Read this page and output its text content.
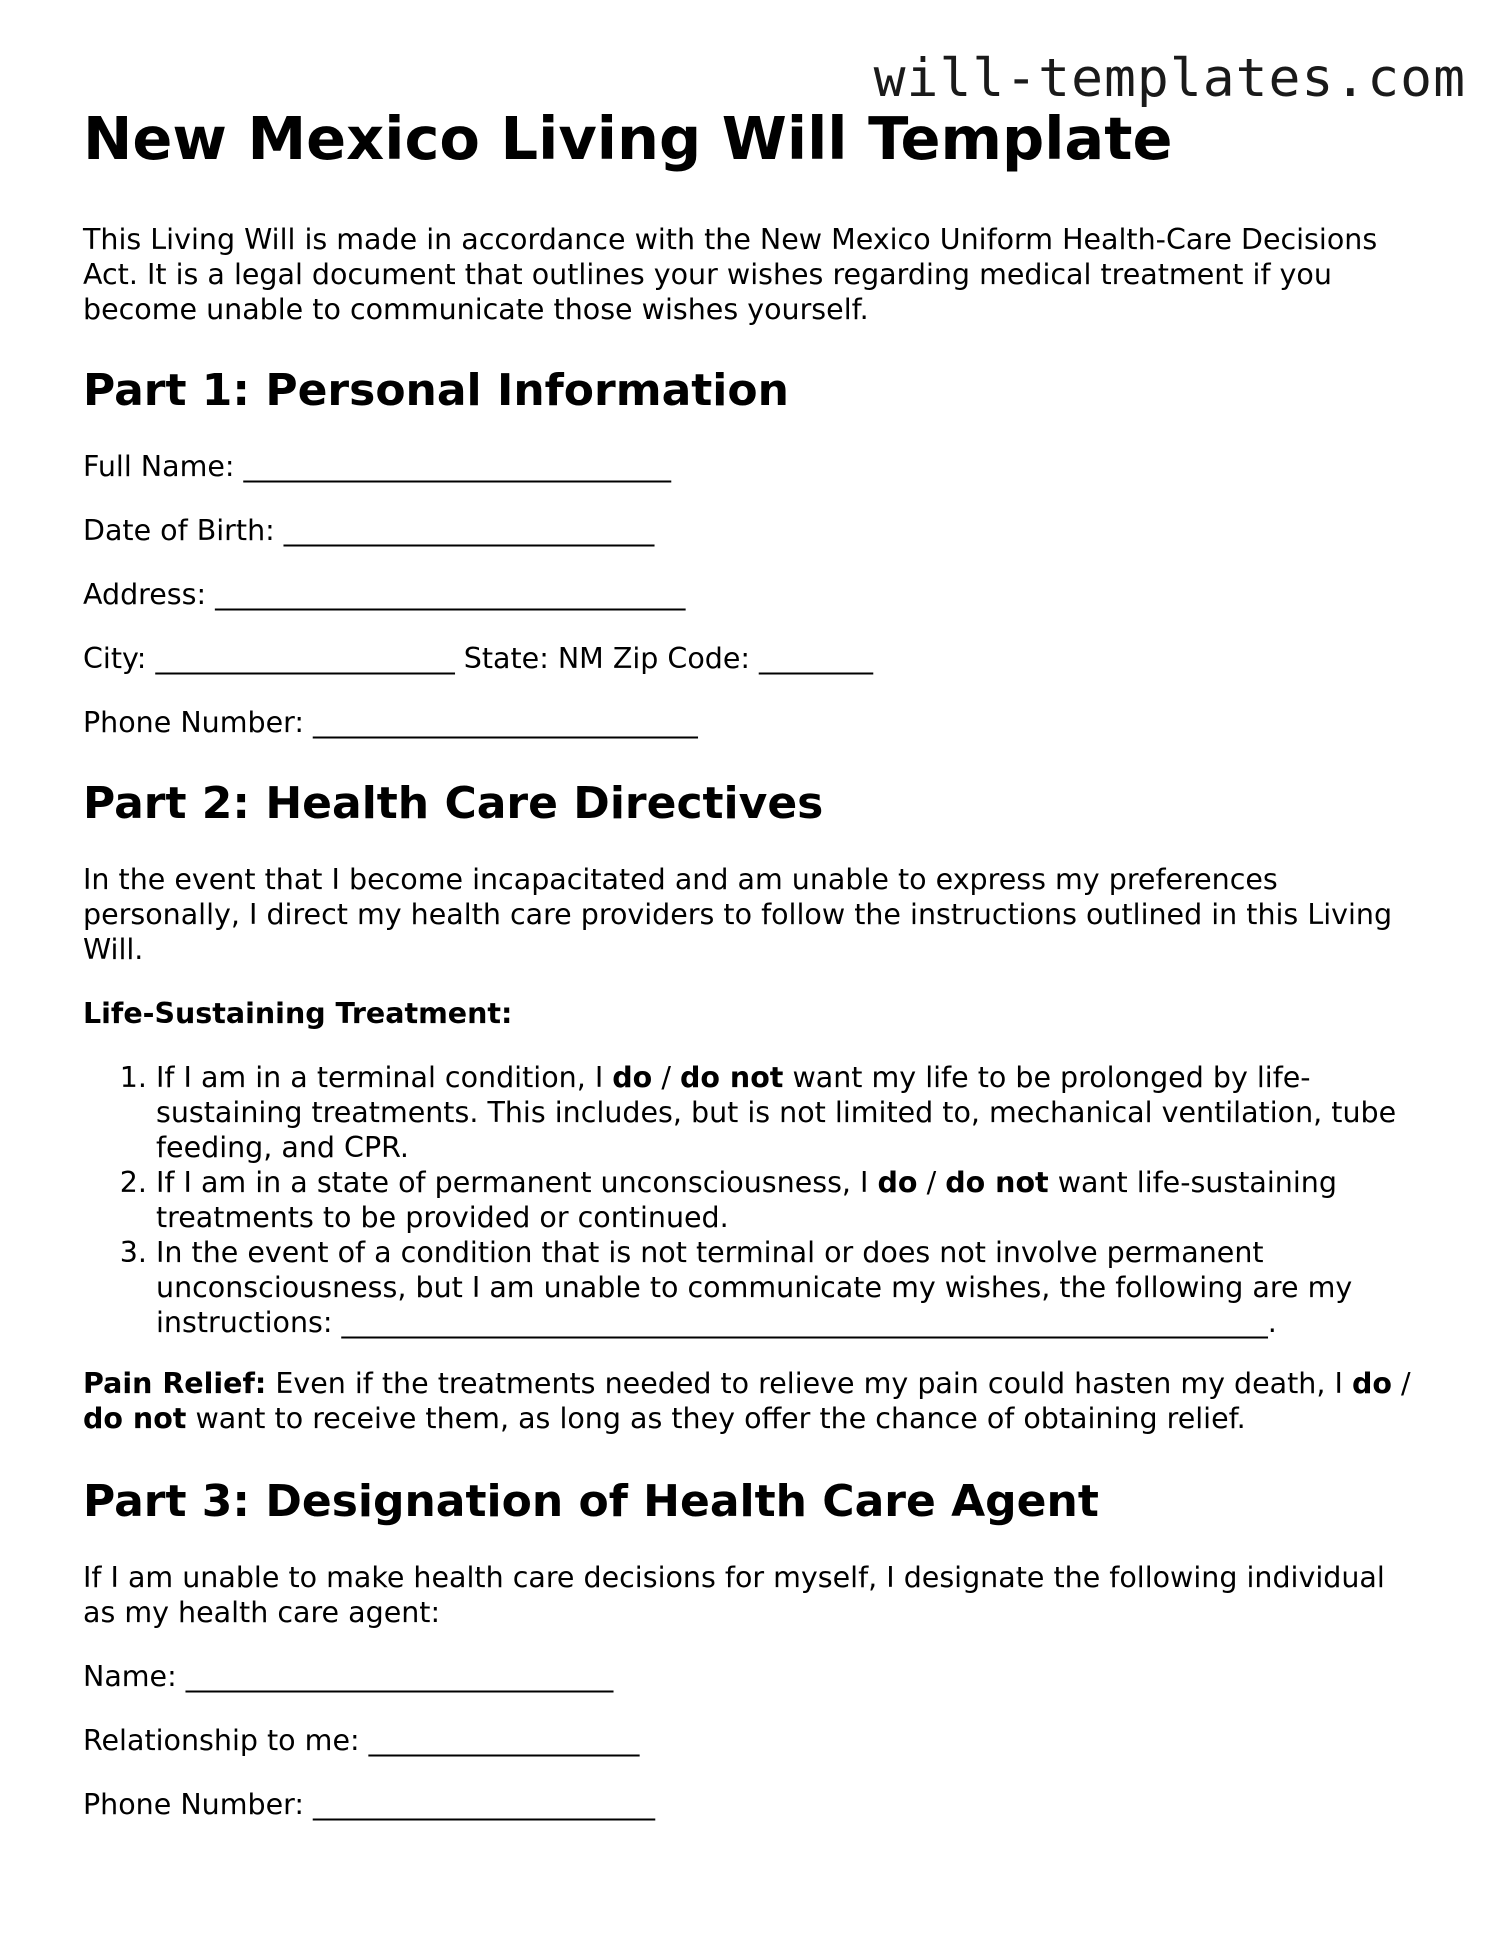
will-templates.com
New Mexico Living Will Template

This Living Will is made in accordance with the New Mexico Uniform Health-Care Decisions Act. It is a legal document that outlines your wishes regarding medical treatment if you become unable to communicate those wishes yourself.

Part 1: Personal Information

Full Name: ______________________________

Date of Birth: __________________________

Address: _________________________________

City: _____________________ State: NM Zip Code: ________

Phone Number: ___________________________

Part 2: Health Care Directives

In the event that I become incapacitated and am unable to express my preferences personally, I direct my health care providers to follow the instructions outlined in this Living Will.

Life-Sustaining Treatment:

1. If I am in a terminal condition, I do / do not want my life to be prolonged by life-sustaining treatments. This includes, but is not limited to, mechanical ventilation, tube feeding, and CPR.
2. If I am in a state of permanent unconsciousness, I do / do not want life-sustaining treatments to be provided or continued.
3. In the event of a condition that is not terminal or does not involve permanent unconsciousness, but I am unable to communicate my wishes, the following are my instructions: _________________________________________________________________.

Pain Relief: Even if the treatments needed to relieve my pain could hasten my death, I do / do not want to receive them, as long as they offer the chance of obtaining relief.

Part 3: Designation of Health Care Agent

If I am unable to make health care decisions for myself, I designate the following individual as my health care agent:

Name: ______________________________

Relationship to me: ___________________

Phone Number: ________________________
